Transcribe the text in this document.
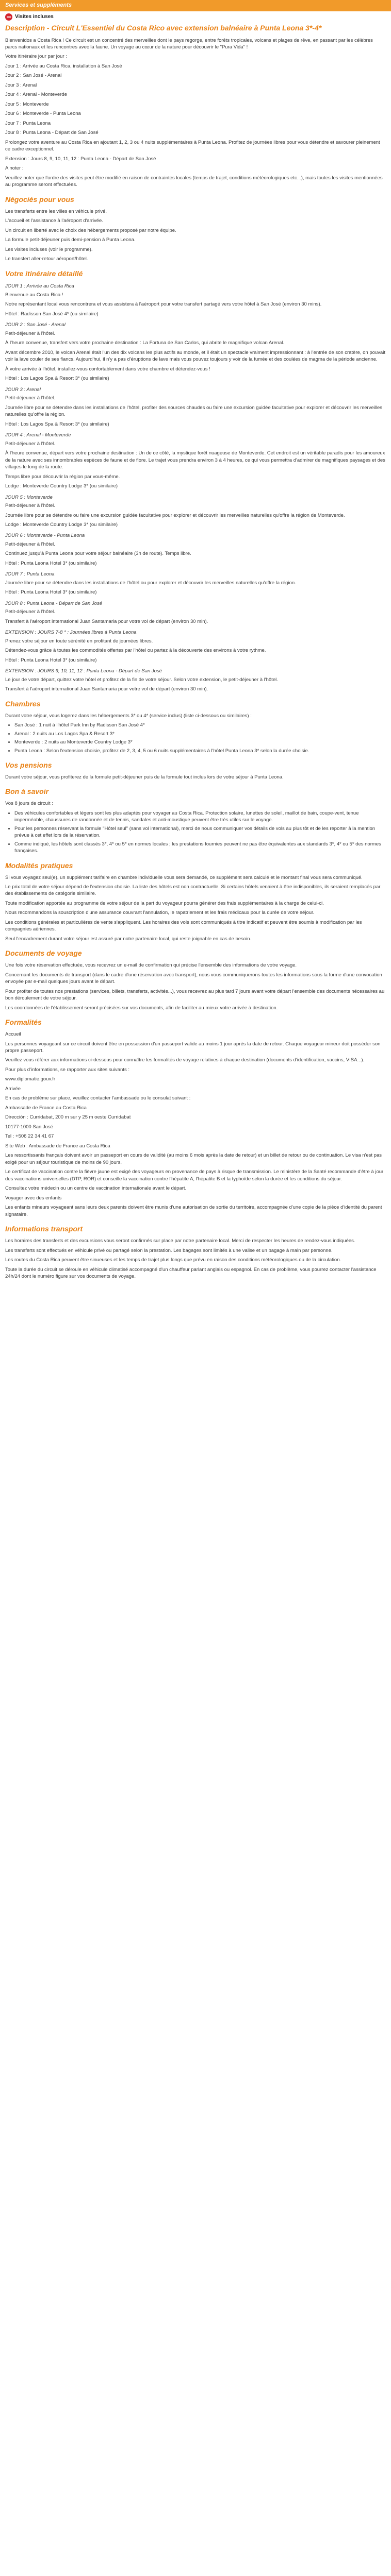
Services et suppléments
Visites incluses
Description - Circuit L'Essentiel du Costa Rico avec extension balnéaire à Punta Leona 3*-4*

Bienvenidos a Costa Rica ! Ce circuit est un concentré des merveilles dont le pays regorge, entre forêts tropicales, volcans et plages de rêve, en passant par les célèbres parcs nationaux et les rencontres avec la faune. Un voyage au cœur de la nature pour découvrir le "Pura Vida" !

Votre itinéraire jour par jour :

Jour 1 : Arrivée au Costa Rica, installation à San José

Jour 2 : San José - Arenal

Jour 3 : Arenal

Jour 4 : Arenal - Monteverde

Jour 5 : Monteverde

Jour 6 : Monteverde - Punta Leona

Jour 7 : Punta Leona

Jour 8 : Punta Leona - Départ de San José

Prolongez votre aventure au Costa Rica en ajoutant 1, 2, 3 ou 4 nuits supplémentaires à Punta Leona. Profitez de journées libres pour vous détendre et savourer pleinement ce cadre exceptionnel.

Extension : Jours 8, 9, 10, 11, 12 : Punta Leona - Départ de San José

A noter :

Veuillez noter que l'ordre des visites peut être modifié en raison de contraintes locales (temps de trajet, conditions météorologiques etc...), mais toutes les visites mentionnées au programme seront effectuées.

Négociés pour vous

Les transferts entre les villes en véhicule privé.

L'accueil et l'assistance à l'aéroport d'arrivée.

Un circuit en liberté avec le choix des hébergements proposé par notre équipe.

La formule petit-déjeuner puis demi-pension à Punta Leona.

Les visites incluses (voir le programme).

Le transfert aller-retour aéroport/hôtel.

Votre itinéraire détaillé
JOUR 1 : Arrivée au Costa Rica

Bienvenue au Costa Rica !

Notre représentant local vous rencontrera et vous assistera à l'aéroport pour votre transfert partagé vers votre hôtel à San José (environ 30 mins).

Hôtel : Radisson San José 4* (ou similaire)

JOUR 2 : San José - Arenal

Petit-déjeuner à l'hôtel.

À l'heure convenue, transfert vers votre prochaine destination : La Fortuna de San Carlos, qui abrite le magnifique volcan Arenal.

Avant décembre 2010, le volcan Arenal était l'un des dix volcans les plus actifs au monde, et il était un spectacle vraiment impressionnant : à l'entrée de son cratère, on pouvait voir la lave couler de ses flancs. Aujourd'hui, il n'y a pas d'éruptions de lave mais vous pouvez toujours y voir de la fumée et des coulées de magma de la période ancienne.

À votre arrivée à l'hôtel, installez-vous confortablement dans votre chambre et détendez-vous !

Hôtel : Los Lagos Spa & Resort 3* (ou similaire)

JOUR 3 : Arenal

Petit-déjeuner à l'hôtel.

Journée libre pour se détendre dans les installations de l'hôtel, profiter des sources chaudes ou faire une excursion guidée facultative pour explorer et découvrir les merveilles naturelles qu'offre la région.

Hôtel : Los Lagos Spa & Resort 3* (ou similaire)

JOUR 4 : Arenal - Monteverde

Petit-déjeuner à l'hôtel.

À l'heure convenue, départ vers votre prochaine destination : Un de ce côté, la mystique forêt nuageuse de Monteverde. Cet endroit est un véritable paradis pour les amoureux de la nature avec ses innombrables espèces de faune et de flore. Le trajet vous prendra environ 3 à 4 heures, ce qui vous permettra d'admirer de magnifiques paysages et des villages le long de la route.

Temps libre pour découvrir la région par vous-même.

Lodge : Monteverde Country Lodge 3* (ou similaire)

JOUR 5 : Monteverde

Petit-déjeuner à l'hôtel.

Journée libre pour se détendre ou faire une excursion guidée facultative pour explorer et découvrir les merveilles naturelles qu'offre la région de Monteverde.

Lodge : Monteverde Country Lodge 3* (ou similaire)

JOUR 6 : Monteverde - Punta Leona

Petit-déjeuner à l'hôtel.

Continuez jusqu'à Punta Leona pour votre séjour balnéaire (3h de route). Temps libre.

Hôtel : Punta Leona Hotel 3* (ou similaire)

JOUR 7 : Punta Leona

Journée libre pour se détendre dans les installations de l'hôtel ou pour explorer et découvrir les merveilles naturelles qu'offre la région.

Hôtel : Punta Leona Hotel 3* (ou similaire)

JOUR 8 : Punta Leona - Départ de San José

Petit-déjeuner à l'hôtel.

Transfert à l'aéroport international Juan Santamaria pour votre vol de départ (environ 30 min).

EXTENSION : JOURS 7-8 * : Journées libres à Punta Leona

Prenez votre séjour en toute sérénité en profitant de journées libres.

Détendez-vous grâce à toutes les commodités offertes par l'hôtel ou partez à la découverte des environs à votre rythme.

Hôtel : Punta Leona Hotel 3* (ou similaire)

EXTENSION : JOURS 9, 10, 11, 12 : Punta Leona - Départ de San José

Le jour de votre départ, quittez votre hôtel et profitez de la fin de votre séjour. Selon votre extension, le petit-déjeuner à l'hôtel.

Transfert à l'aéroport international Juan Santamaria pour votre vol de départ (environ 30 min).

Chambres

Durant votre séjour, vous logerez dans les hébergements 3* ou 4* (service inclus) (liste ci-dessous ou similaires) :

• San José : 1 nuit à l'hôtel Park Inn by Radisson San José 4*
• Arenal : 2 nuits au Los Lagos Spa & Resort 3*
• Monteverde : 2 nuits au Monteverde Country Lodge 3*
• Punta Leona : Selon l'extension choisie, profitez de 2, 3, 4, 5 ou 6 nuits supplémentaires à l'hôtel Punta Leona 3* selon la durée choisie.
Vos pensions

Durant votre séjour, vous profiterez de la formule petit-déjeuner puis de la formule tout inclus lors de votre séjour à Punta Leona.

Bon à savoir

Vos 8 jours de circuit :

• Des véhicules confortables et légers sont les plus adaptés pour voyager au Costa Rica. Protection solaire, lunettes de soleil, maillot de bain, coupe-vent, tenue imperméable, chaussures de randonnée et de tennis, sandales et anti-moustique peuvent être très utiles sur le voyage.
• Pour les personnes réservant la formule "Hôtel seul" (sans vol international), merci de nous communiquer vos détails de vols au plus tôt et de les reporter à la mention prévue à cet effet lors de la réservation.
• Comme indiqué, les hôtels sont classés 3*, 4* ou 5* en normes locales ; les prestations fournies peuvent ne pas être équivalentes aux standards 3*, 4* ou 5* des normes françaises.
Modalités pratiques

Si vous voyagez seul(e), un supplément tarifaire en chambre individuelle vous sera demandé, ce supplément sera calculé et le montant final vous sera communiqué.

Le prix total de votre séjour dépend de l'extension choisie. La liste des hôtels est non contractuelle. Si certains hôtels venaient à être indisponibles, ils seraient remplacés par des établissements de catégorie similaire.

Toute modification apportée au programme de votre séjour de la part du voyageur pourra générer des frais supplémentaires à la charge de celui-ci.

Nous recommandons la souscription d'une assurance couvrant l'annulation, le rapatriement et les frais médicaux pour la durée de votre séjour.

Les conditions générales et particulières de vente s'appliquent. Les horaires des vols sont communiqués à titre indicatif et peuvent être soumis à modification par les compagnies aériennes.

Seul l'encadrement durant votre séjour est assuré par notre partenaire local, qui reste joignable en cas de besoin.

Documents de voyage

Une fois votre réservation effectuée, vous recevrez un e-mail de confirmation qui précise l'ensemble des informations de votre voyage.

Concernant les documents de transport (dans le cadre d'une réservation avec transport), nous vous communiquerons toutes les informations sous la forme d'une convocation envoyée par e-mail quelques jours avant le départ.

Pour profiter de toutes nos prestations (services, billets, transferts, activités...), vous recevrez au plus tard 7 jours avant votre départ l'ensemble des documents nécessaires au bon déroulement de votre séjour.

Les coordonnées de l'établissement seront précisées sur vos documents, afin de faciliter au mieux votre arrivée à destination.

Formalités

Accueil

Les personnes voyageant sur ce circuit doivent être en possession d'un passeport valide au moins 1 jour après la date de retour. Chaque voyageur mineur doit posséder son propre passeport.

Veuillez vous référer aux informations ci-dessous pour connaître les formalités de voyage relatives à chaque destination (documents d'identification, vaccins, VISA...).

Pour plus d'informations, se rapporter aux sites suivants :

www.diplomatie.gouv.fr

Arrivée

En cas de problème sur place, veuillez contacter l'ambassade ou le consulat suivant :

Ambassade de France au Costa Rica

Dirección : Curridabat, 200 m sur y 25 m oeste Curridabat

10177-1000 San José

Tel : +506 22 34 41 67

Site Web : Ambassade de France au Costa Rica

Les ressortissants français doivent avoir un passeport en cours de validité (au moins 6 mois après la date de retour) et un billet de retour ou de continuation. Le visa n'est pas exigé pour un séjour touristique de moins de 90 jours.

Le certificat de vaccination contre la fièvre jaune est exigé des voyageurs en provenance de pays à risque de transmission. Le ministère de la Santé recommande d'être à jour des vaccinations universelles (DTP, ROR) et conseille la vaccination contre l'hépatite A, l'hépatite B et la typhoïde selon la durée et les conditions du séjour.

Consultez votre médecin ou un centre de vaccination internationale avant le départ.

Voyager avec des enfants

Les enfants mineurs voyageant sans leurs deux parents doivent être munis d'une autorisation de sortie du territoire, accompagnée d'une copie de la pièce d'identité du parent signataire.

Informations transport

Les horaires des transferts et des excursions vous seront confirmés sur place par notre partenaire local. Merci de respecter les heures de rendez-vous indiquées.

Les transferts sont effectués en véhicule privé ou partagé selon la prestation. Les bagages sont limités à une valise et un bagage à main par personne.

Les routes du Costa Rica peuvent être sinueuses et les temps de trajet plus longs que prévu en raison des conditions météorologiques ou de la circulation.

Toute la durée du circuit se déroule en véhicule climatisé accompagné d'un chauffeur parlant anglais ou espagnol. En cas de problème, vous pourrez contacter l'assistance 24h/24 dont le numéro figure sur vos documents de voyage.
